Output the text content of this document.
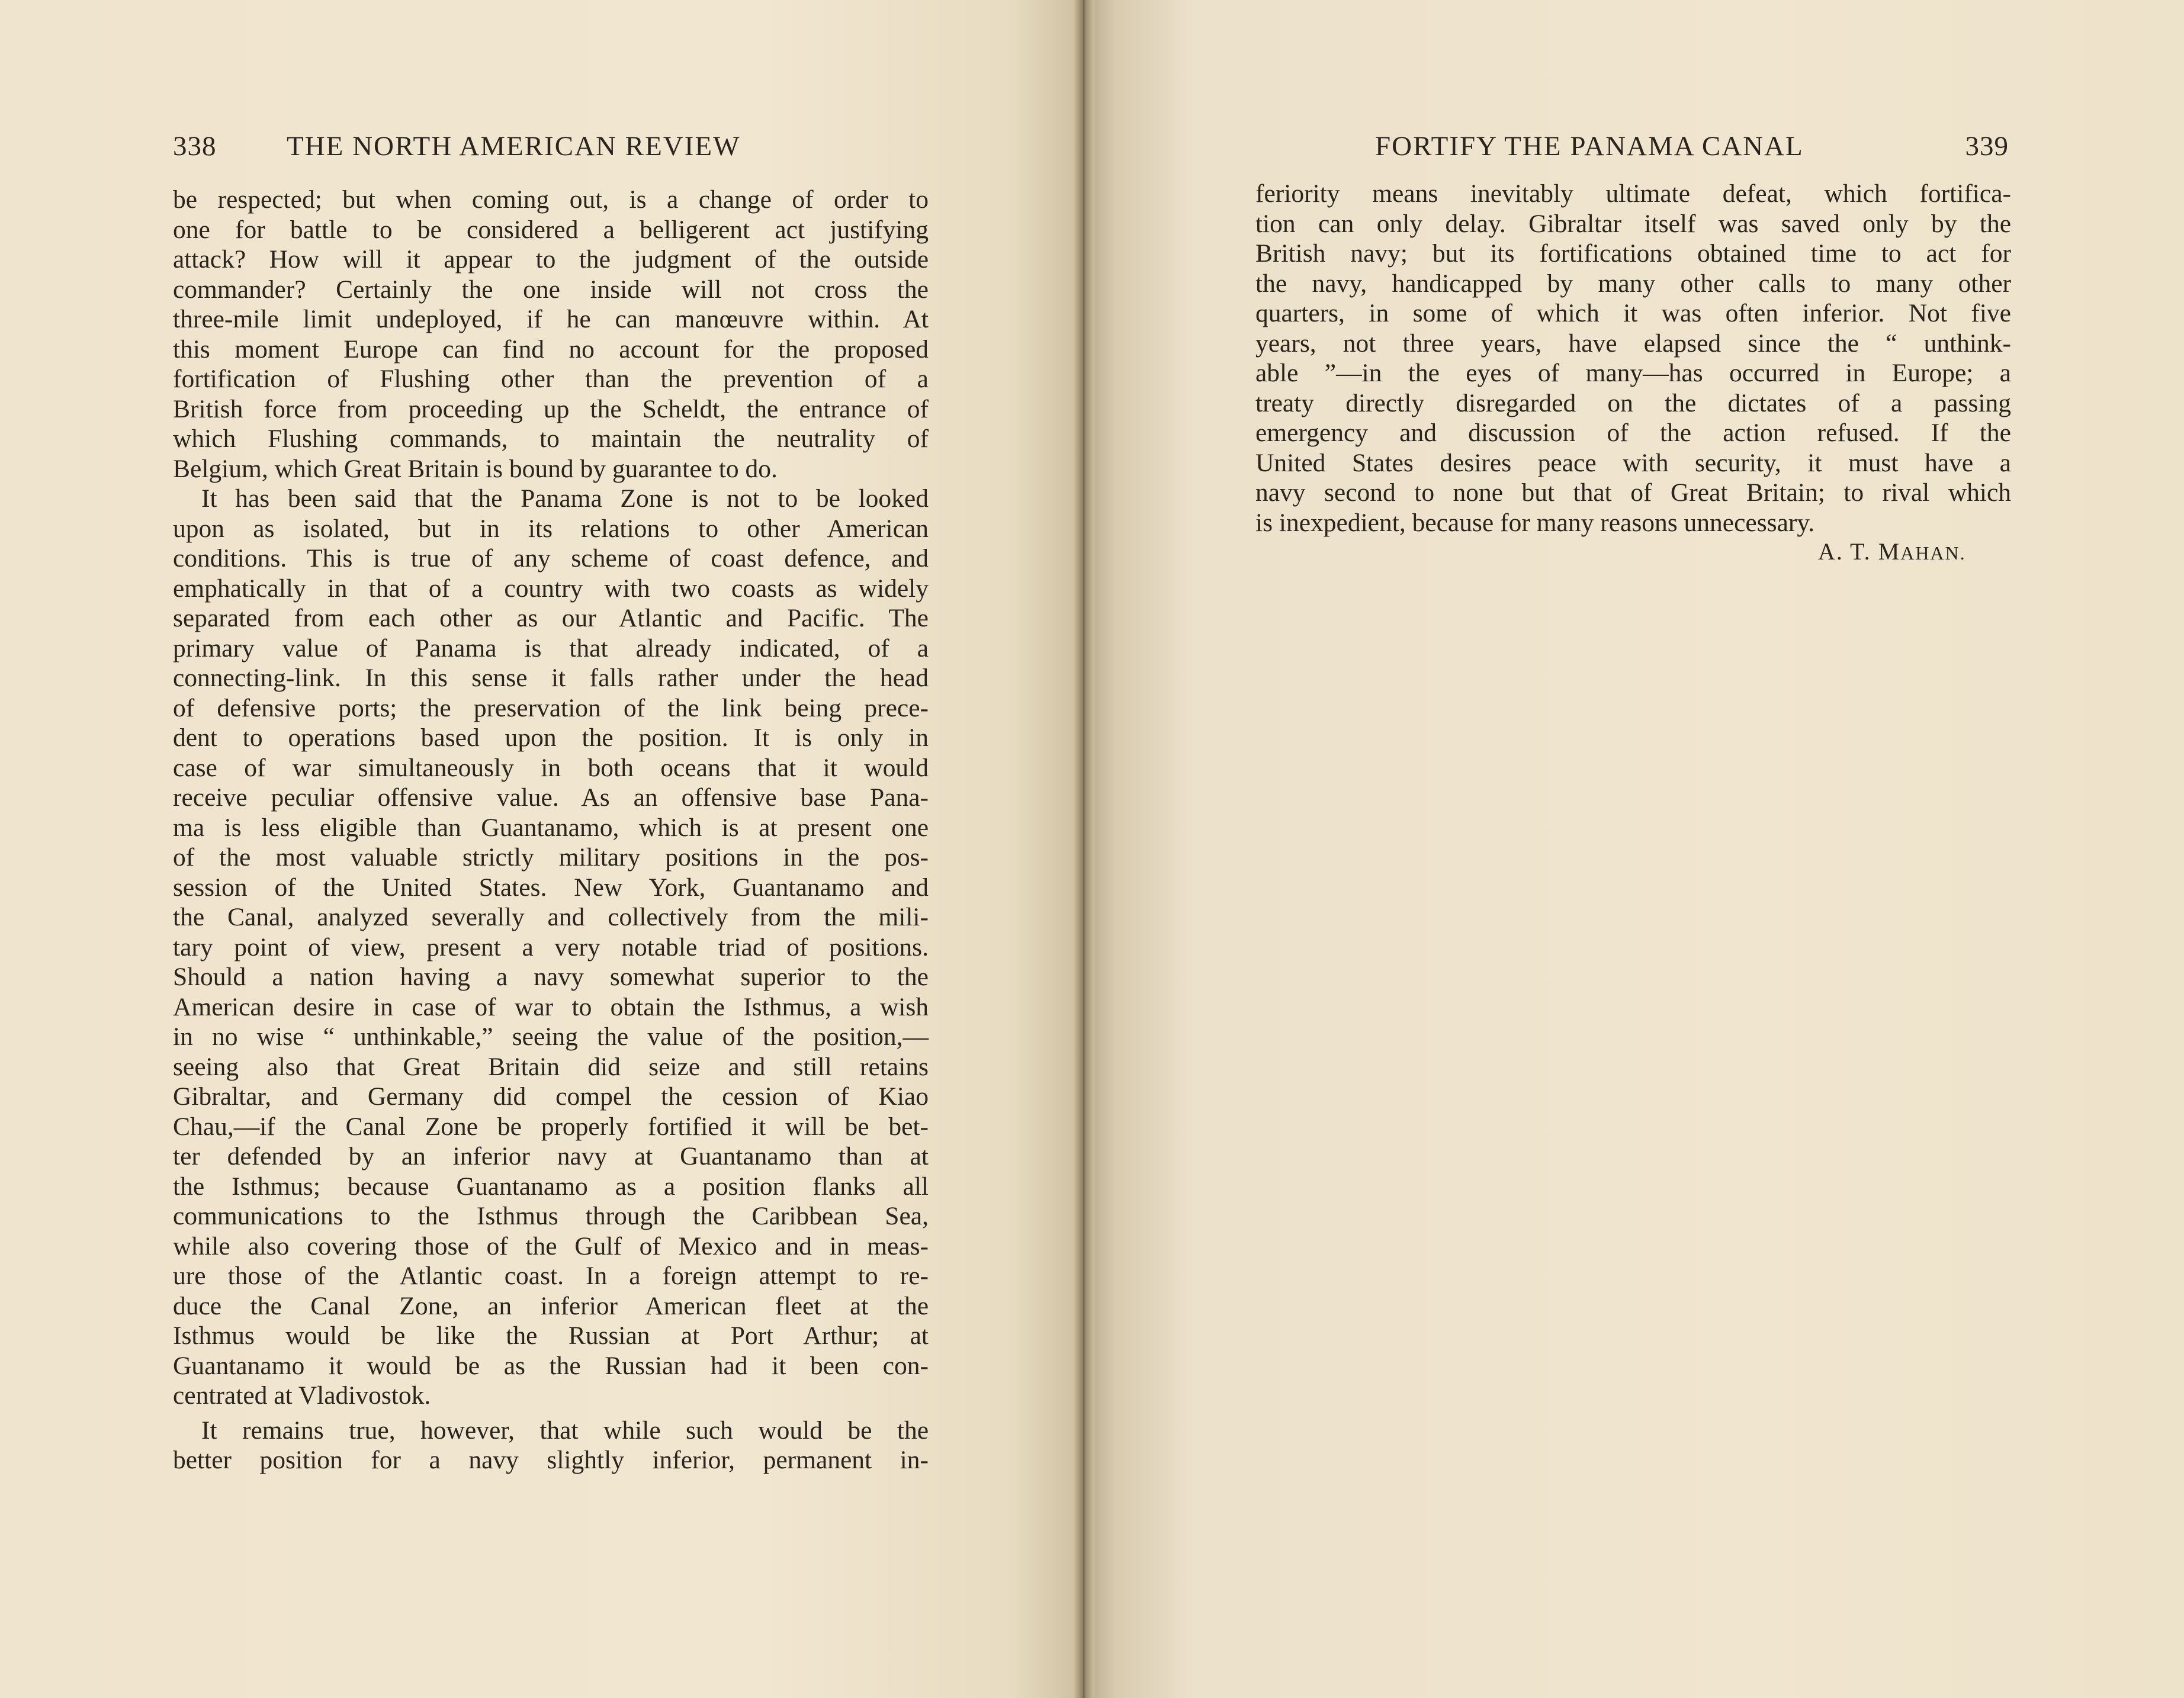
338	THE NORTH AMERICAN REVIEW
be respected; but when coming out, is a change of order to
one for battle to be considered a belligerent act justifying
attack? How will it appear to the judgment of the outside
commander? Certainly the one inside will not cross the
three-mile limit undeployed, if he can manœuvre within. At
this moment Europe can find no account for the proposed
fortification of Flushing other than the prevention of a
British force from proceeding up the Scheldt, the entrance of
which Flushing commands, to maintain the neutrality of
Belgium, which Great Britain is bound by guarantee to do.
It has been said that the Panama Zone is not to be looked
upon as isolated, but in its relations to other American
conditions. This is true of any scheme of coast defence, and
emphatically in that of a country with two coasts as widely
separated from each other as our Atlantic and Pacific. The
primary value of Panama is that already indicated, of a
connecting-link. In this sense it falls rather under the head
of defensive ports; the preservation of the link being prece-
dent to operations based upon the position. It is only in
case of war simultaneously in both oceans that it would
receive peculiar offensive value. As an offensive base Pana-
ma is less eligible than Guantanamo, which is at present one
of the most valuable strictly military positions in the pos-
session of the United States. New York, Guantanamo and
the Canal, analyzed severally and collectively from the mili-
tary point of view, present a very notable triad of positions.
Should a nation having a navy somewhat superior to the
American desire in case of war to obtain the Isthmus, a wish
in no wise “ unthinkable,” seeing the value of the position,—
seeing also that Great Britain did seize and still retains
Gibraltar, and Germany did compel the cession of Kiao
Chau,—if the Canal Zone be properly fortified it will be bet-
ter defended by an inferior navy at Guantanamo than at
the Isthmus; because Guantanamo as a position flanks all
communications to the Isthmus through the Caribbean Sea,
while also covering those of the Gulf of Mexico and in meas-
ure those of the Atlantic coast. In a foreign attempt to re-
duce the Canal Zone, an inferior American fleet at the
Isthmus would be like the Russian at Port Arthur; at
Guantanamo it would be as the Russian had it been con-
centrated at Vladivostok.
It remains true, however, that while such would be the
better position for a navy slightly inferior, permanent in-
FORTIFY THE PANAMA CANAL	339
feriority means inevitably ultimate defeat, which fortifica-
tion can only delay. Gibraltar itself was saved only by the
British navy; but its fortifications obtained time to act for
the navy, handicapped by many other calls to many other
quarters, in some of which it was often inferior. Not five
years, not three years, have elapsed since the “ unthink-
able ”—in the eyes of many—has occurred in Europe; a
treaty directly disregarded on the dictates of a passing
emergency and discussion of the action refused. If the
United States desires peace with security, it must have a
navy second to none but that of Great Britain; to rival which
is inexpedient, because for many reasons unnecessary.
A. T. MAHAN.
